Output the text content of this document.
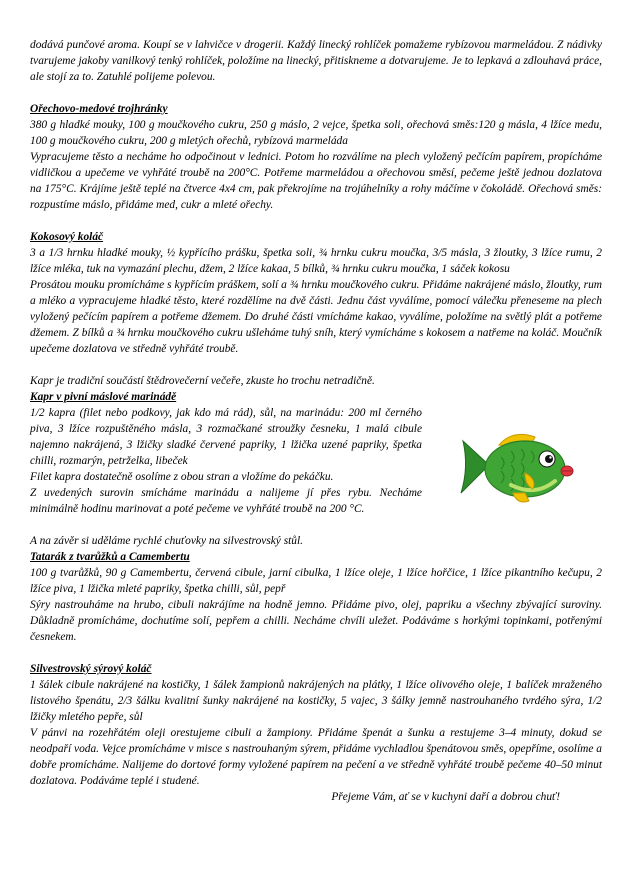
dodává punčové aroma. Koupí se v lahvičce v drogerii. Každý linecký rohlíček pomažeme rybízovou marmeládou. Z nádivky tvarujeme jakoby vanilkový tenký rohlíček, položíme na linecký, přitiskneme a dotvarujeme. Je to lepkavá a zdlouhavá práce, ale stojí za to. Zatuhlé polijeme polevou.

Ořechovo-medové trojhránky

380 g hladké mouky, 100 g moučkového cukru, 250 g máslo, 2 vejce, špetka soli, ořechová směs:120 g másla, 4 lžíce medu, 100 g moučkového cukru, 200 g mletých ořechů, rybízová marmeláda

Vypracujeme těsto a necháme ho odpočinout v lednici. Potom ho rozválíme na plech vyložený pečícím papírem, propícháme vidličkou a upečeme ve vyhřáté troubě na 200°C. Potřeme marmeládou a ořechovou směsí, pečeme ještě jednou dozlatova na 175°C. Krájíme ještě teplé na čtverce 4x4 cm, pak překrojíme na trojúhelníky a rohy máčíme v čokoládě. Ořechová směs: rozpustíme máslo, přidáme med, cukr a mleté ořechy.

Kokosový koláč

3 a 1/3 hrnku hladké mouky, ½ kypřícího prášku, špetka soli, ¾ hrnku cukru moučka, 3/5 másla, 3 žloutky, 3 lžíce rumu, 2 lžíce mléka, tuk na vymazání plechu, džem, 2 lžíce kakaa, 5 bílků, ¾ hrnku cukru moučka, 1 sáček kokosu

Prosátou mouku promícháme s kypřícím práškem, solí a ¾ hrnku moučkového cukru. Přidáme nakrájené máslo, žloutky, rum a mléko a vypracujeme hladké těsto, které rozdělíme na dvě části. Jednu část vyválíme, pomocí válečku přeneseme na plech vyložený pečícím papírem a potřeme džemem. Do druhé části vmícháme kakao, vyválíme, položíme na světlý plát a potřeme džemem. Z bílků a ¾ hrnku moučkového cukru ušleháme tuhý sníh, který vymícháme s kokosem a natřeme na koláč. Moučník upečeme dozlatova ve středně vyhřáté troubě.

Kapr je tradiční součástí štědrovečerní večeře, zkuste ho trochu netradičně.

Kapr v pivní máslové marinádě

1/2 kapra (filet nebo podkovy, jak kdo má rád), sůl, na marinádu: 200 ml černého piva, 3 lžíce rozpuštěného másla, 3 rozmačkané stroužky česneku, 1 malá cibule najemno nakrájená, 3 lžičky sladké červené papriky, 1 lžička uzené papriky, špetka chilli, rozmarýn, petrželka, libeček

Filet kapra dostatečně osolíme z obou stran a vložíme do pekáčku.

Z uvedených surovin smícháme marinádu a nalijeme jí přes rybu. Necháme minimálně hodinu marinovat a poté pečeme ve vyhřáté troubě na 200 °C.

A na závěr si uděláme rychlé chuťovky na silvestrovský stůl.

Tatarák z tvarůžků a Camembertu

100 g tvarůžků, 90 g Camembertu, červená cibule, jarní cibulka, 1 lžíce oleje, 1 lžíce hořčice, 1 lžíce pikantního kečupu, 2 lžíce piva, 1 lžička mleté papriky, špetka chilli, sůl, pepř

Sýry nastrouháme na hrubo, cibuli nakrájíme na hodně jemno. Přidáme pivo, olej, papriku a všechny zbývající suroviny. Důkladně promícháme, dochutíme solí, pepřem a chilli. Necháme chvíli uležet. Podáváme s horkými topinkami, potřenými česnekem.

Silvestrovský sýrový koláč

1 šálek cibule nakrájené na kostičky, 1 šálek žampionů nakrájených na plátky, 1 lžíce olivového oleje, 1 balíček mraženého listového špenátu, 2/3 šálku kvalitní šunky nakrájené na kostičky, 5 vajec, 3 šálky jemně nastrouhaného tvrdého sýra, 1/2 lžičky mletého pepře, sůl

V pánvi na rozehřátém oleji orestujeme cibuli a žampiony. Přidáme špenát a šunku a restujeme 3–4 minuty, dokud se neodpaří voda. Vejce promícháme v misce s nastrouhaným sýrem, přidáme vychladlou špenátovou směs, opepříme, osolíme a dobře promícháme. Nalijeme do dortové formy vyložené papírem na pečení a ve středně vyhřáté troubě pečeme 40–50 minut dozlatova. Podáváme teplé i studené.

Přejeme Vám, ať se v kuchyni daří a dobrou chuť!
